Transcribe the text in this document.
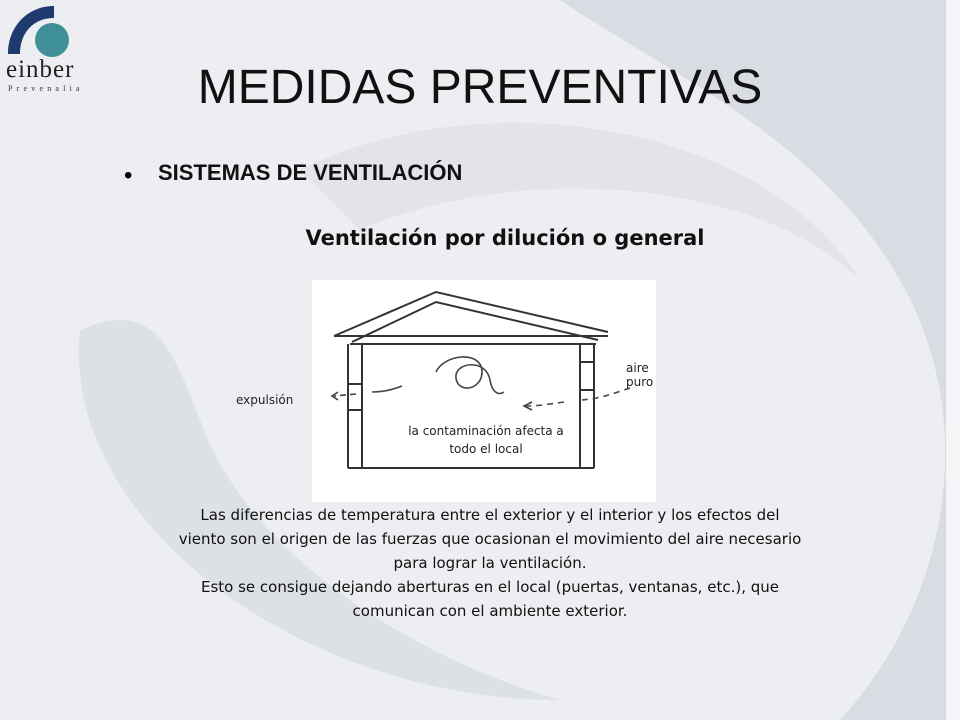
einber
Prevenalia	MEDIDAS PREVENTIVAS
• SISTEMAS DE VENTILACIÓN
Ventilación por dilución o general
aire puro
la contaminación afecta a
todo el local
expulsión
Las diferencias de temperatura entre el exterior y el interior y los efectos del
viento son el origen de las fuerzas que ocasionan el movimiento del aire necesario
para lograr la ventilación.
Esto se consigue dejando aberturas en el local (puertas, ventanas, etc.), que
comunican con el ambiente exterior.
